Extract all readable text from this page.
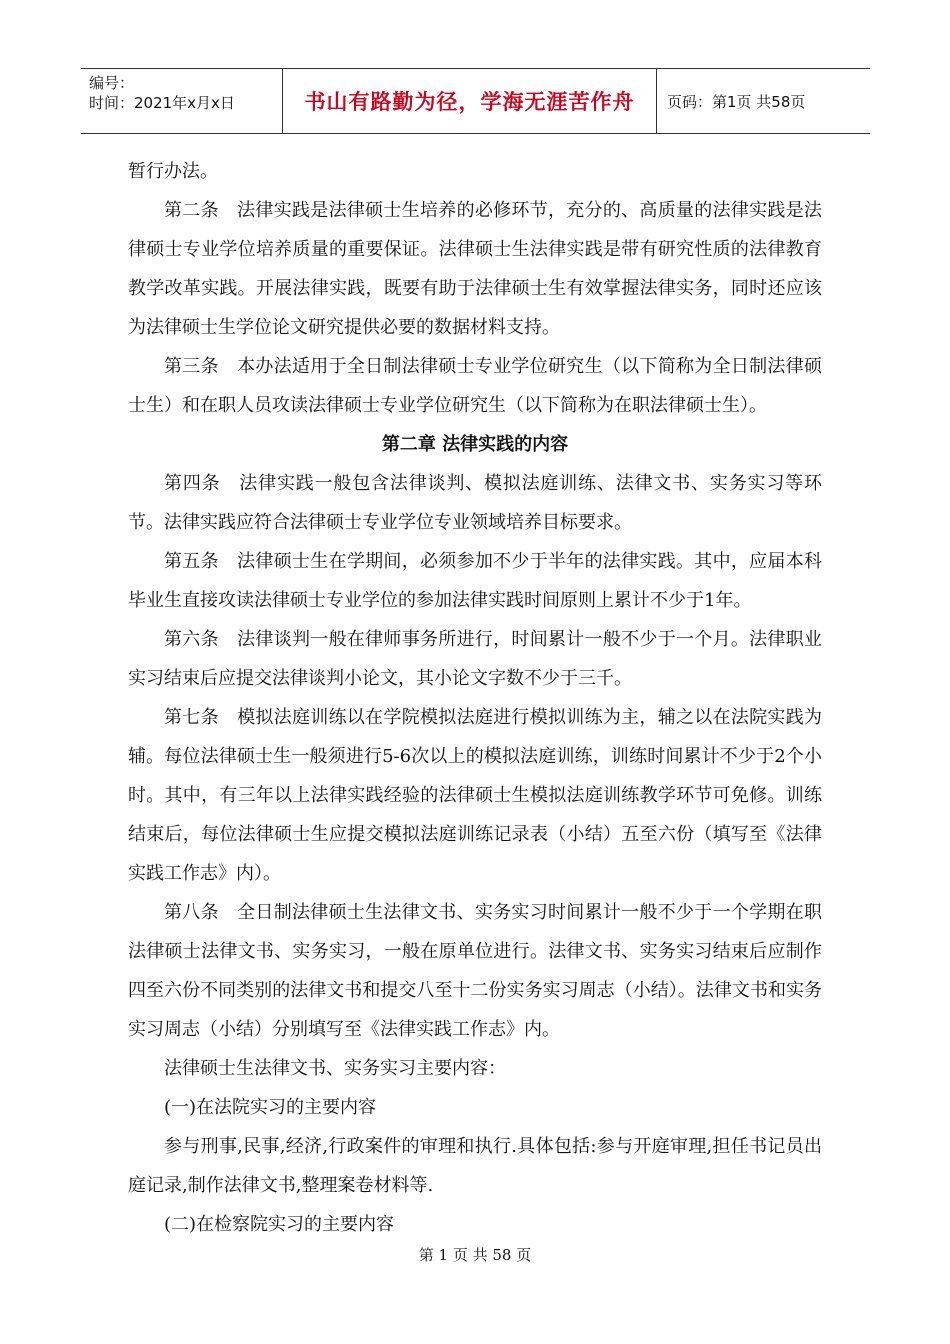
编号：
时间：2021年x月x日	书山有路勤为径，学海无涯苦作舟	页码：第1页 共58页

暂行办法。

第二条　法律实践是法律硕士生培养的必修环节，充分的、高质量的法律实践是法律硕士专业学位培养质量的重要保证。法律硕士生法律实践是带有研究性质的法律教育教学改革实践。开展法律实践，既要有助于法律硕士生有效掌握法律实务，同时还应该为法律硕士生学位论文研究提供必要的数据材料支持。

第三条　本办法适用于全日制法律硕士专业学位研究生（以下简称为全日制法律硕士生）和在职人员攻读法律硕士专业学位研究生（以下简称为在职法律硕士生）。

第二章 法律实践的内容

第四条　法律实践一般包含法律谈判、模拟法庭训练、法律文书、实务实习等环节。法律实践应符合法律硕士专业学位专业领域培养目标要求。

第五条　法律硕士生在学期间，必须参加不少于半年的法律实践。其中，应届本科毕业生直接攻读法律硕士专业学位的参加法律实践时间原则上累计不少于1年。

第六条　法律谈判一般在律师事务所进行，时间累计一般不少于一个月。法律职业实习结束后应提交法律谈判小论文，其小论文字数不少于三千。

第七条　模拟法庭训练以在学院模拟法庭进行模拟训练为主，辅之以在法院实践为辅。每位法律硕士生一般须进行5-6次以上的模拟法庭训练，训练时间累计不少于2个小时。其中，有三年以上法律实践经验的法律硕士生模拟法庭训练教学环节可免修。训练结束后，每位法律硕士生应提交模拟法庭训练记录表（小结）五至六份（填写至《法律实践工作志》内）。

第八条　全日制法律硕士生法律文书、实务实习时间累计一般不少于一个学期在职法律硕士法律文书、实务实习，一般在原单位进行。法律文书、实务实习结束后应制作四至六份不同类别的法律文书和提交八至十二份实务实习周志（小结）。法律文书和实务实习周志（小结）分别填写至《法律实践工作志》内。

法律硕士生法律文书、实务实习主要内容：

(一)在法院实习的主要内容

参与刑事,民事,经济,行政案件的审理和执行.具体包括:参与开庭审理,担任书记员出庭记录,制作法律文书,整理案卷材料等.

(二)在检察院实习的主要内容

第 1 页 共 58 页
